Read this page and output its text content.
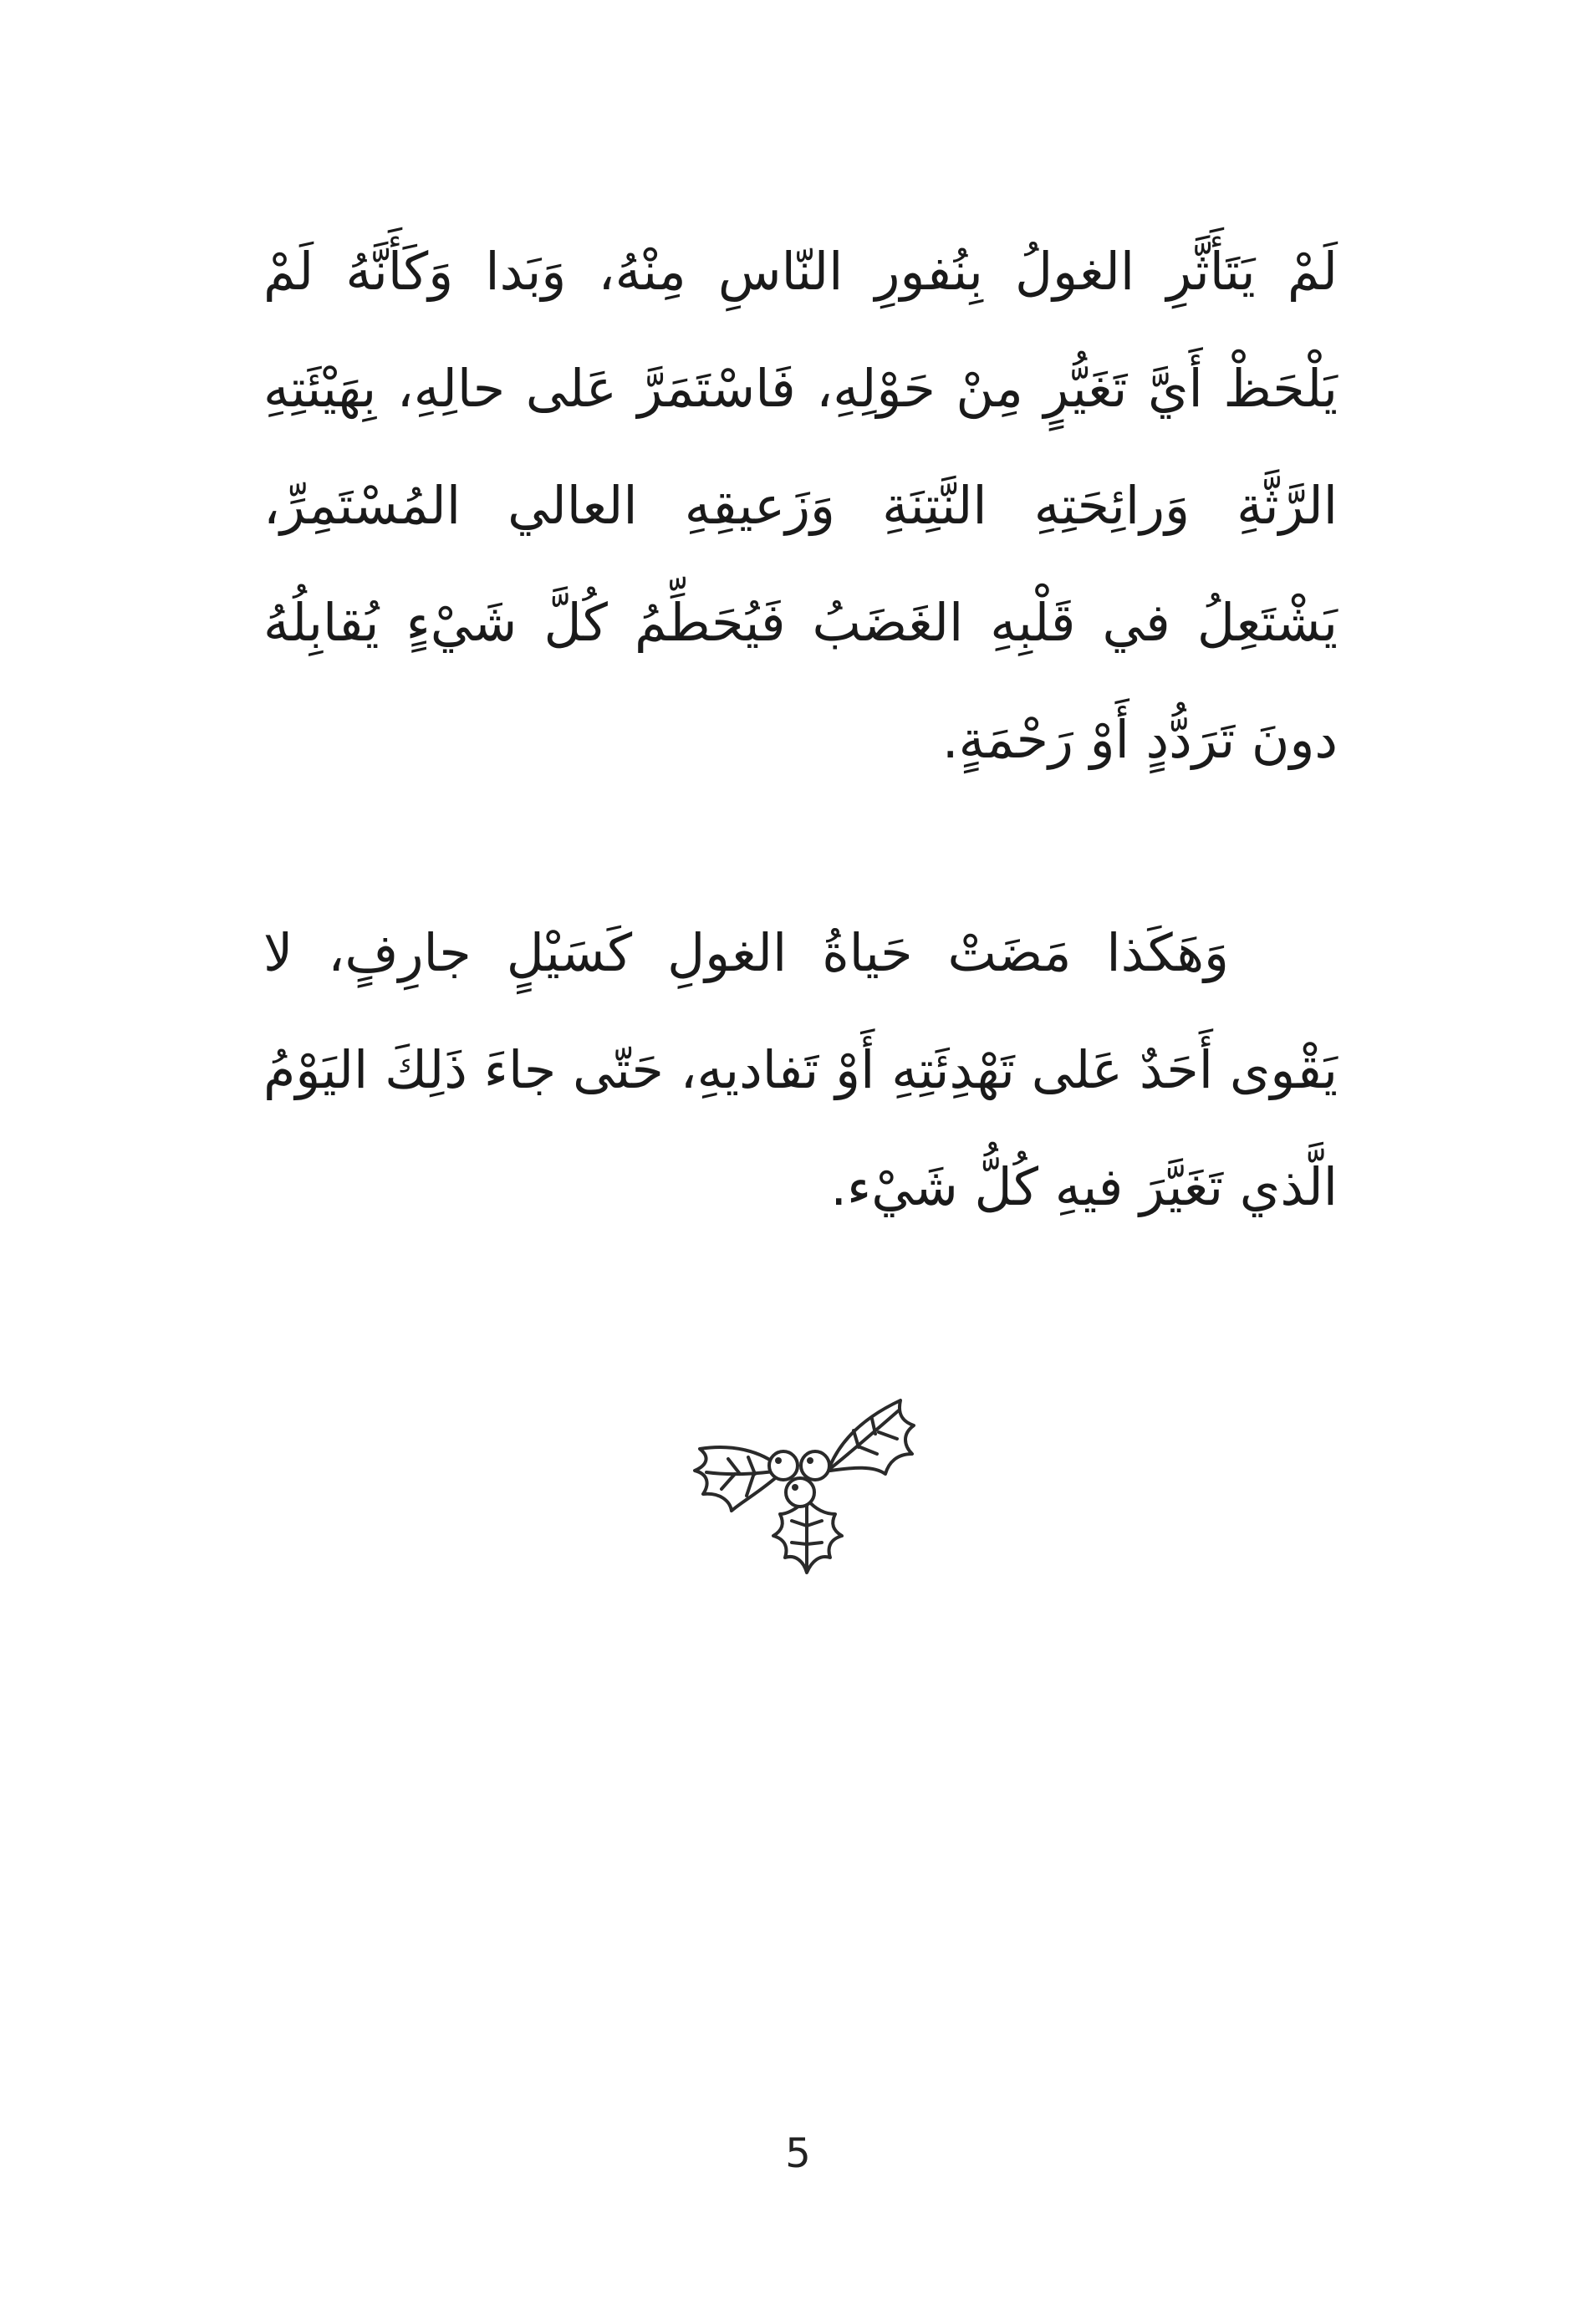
لَمْ يَتَأَثَّرِ الغولُ بِنُفورِ النّاسِ مِنْهُ، وَبَدا وَكَأَنَّهُ لَمْ يَلْحَظْ أَيَّ تَغَيُّرٍ مِنْ حَوْلِهِ، فَاسْتَمَرَّ عَلى حالِهِ، بِهَيْئَتِهِ الرَّثَّةِ وَرائِحَتِهِ النَّتِنَةِ وَزَعيقِهِ العالي المُسْتَمِرِّ، يَشْتَعِلُ في قَلْبِهِ الغَضَبُ فَيُحَطِّمُ كُلَّ شَيْءٍ يُقابِلُهُ دونَ تَرَدُّدٍ أَوْ رَحْمَةٍ.
وَهَكَذا مَضَتْ حَياةُ الغولِ كَسَيْلٍ جارِفٍ، لا يَقْوى أَحَدٌ عَلى تَهْدِئَتِهِ أَوْ تَفاديهِ، حَتّى جاءَ ذَلِكَ اليَوْمُ الَّذي تَغَيَّرَ فيهِ كُلُّ شَيْء.
5
